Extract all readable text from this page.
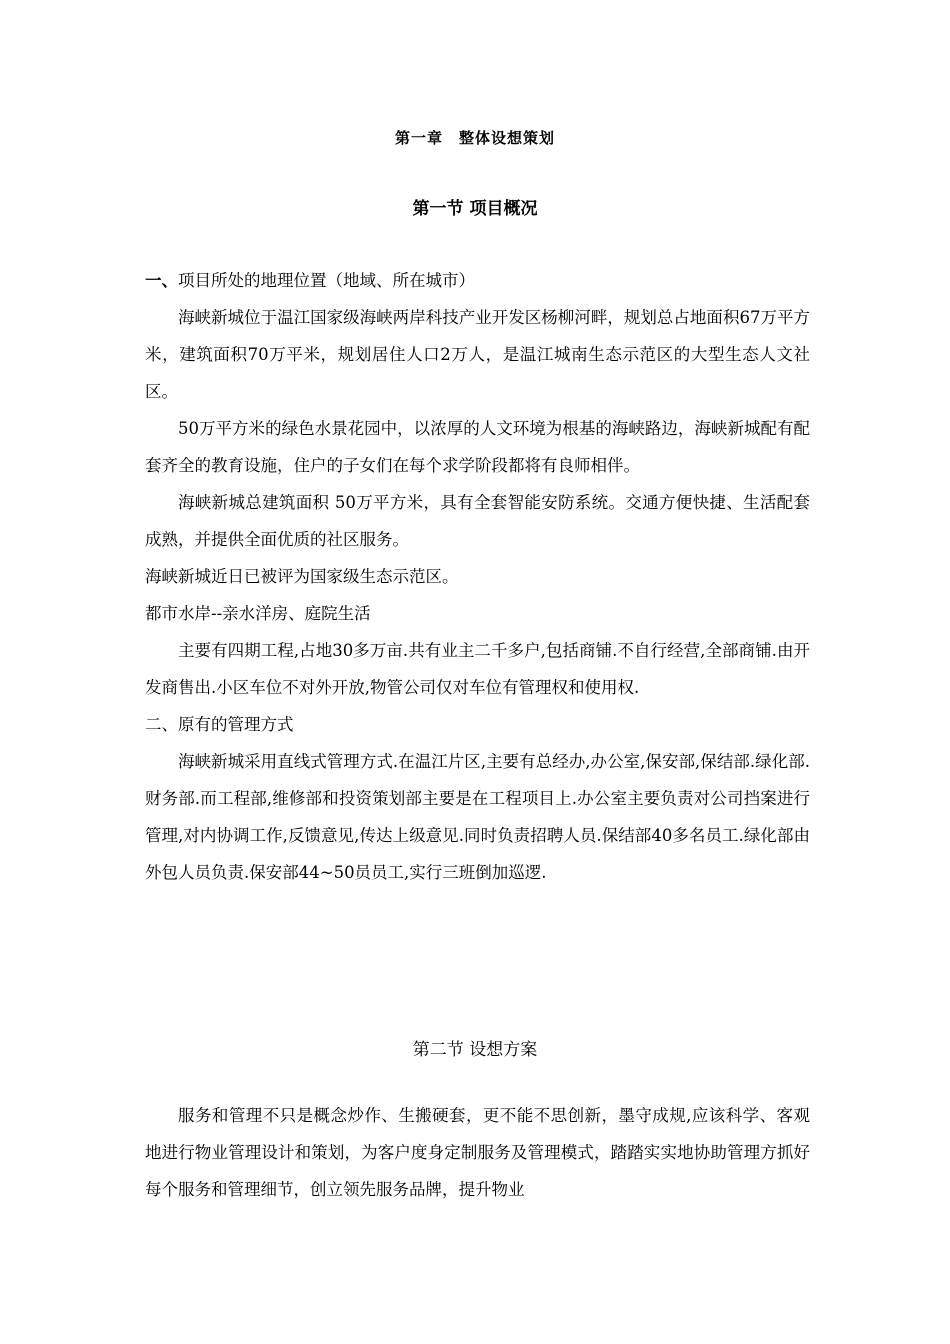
第一章　整体设想策划
第一节 项目概况

一、项目所处的地理位置（地域、所在城市）

海峡新城位于温江国家级海峡两岸科技产业开发区杨柳河畔，规划总占地面积67万平方米，建筑面积70万平米，规划居住人口2万人，是温江城南生态示范区的大型生态人文社区。

50万平方米的绿色水景花园中，以浓厚的人文环境为根基的海峡路边，海峡新城配有配套齐全的教育设施，住户的子女们在每个求学阶段都将有良师相伴。

海峡新城总建筑面积 50万平方米，具有全套智能安防系统。交通方便快捷、生活配套成熟，并提供全面优质的社区服务。

海峡新城近日已被评为国家级生态示范区。

都市水岸--亲水洋房、庭院生活

主要有四期工程,占地30多万亩.共有业主二千多户,包括商铺.不自行经营,全部商铺.由开发商售出.小区车位不对外开放,物管公司仅对车位有管理权和使用权.

二、原有的管理方式

海峡新城采用直线式管理方式.在温江片区,主要有总经办,办公室,保安部,保结部.绿化部.财务部.而工程部,维修部和投资策划部主要是在工程项目上.办公室主要负责对公司挡案进行管理,对内协调工作,反馈意见,传达上级意见.同时负责招聘人员.保结部40多名员工.绿化部由外包人员负责.保安部44~50员员工,实行三班倒加巡逻.

第二节 设想方案

服务和管理不只是概念炒作、生搬硬套，更不能不思创新，墨守成规,应该科学、客观地进行物业管理设计和策划，为客户度身定制服务及管理模式，踏踏实实地协助管理方抓好每个服务和管理细节，创立领先服务品牌，提升物业
